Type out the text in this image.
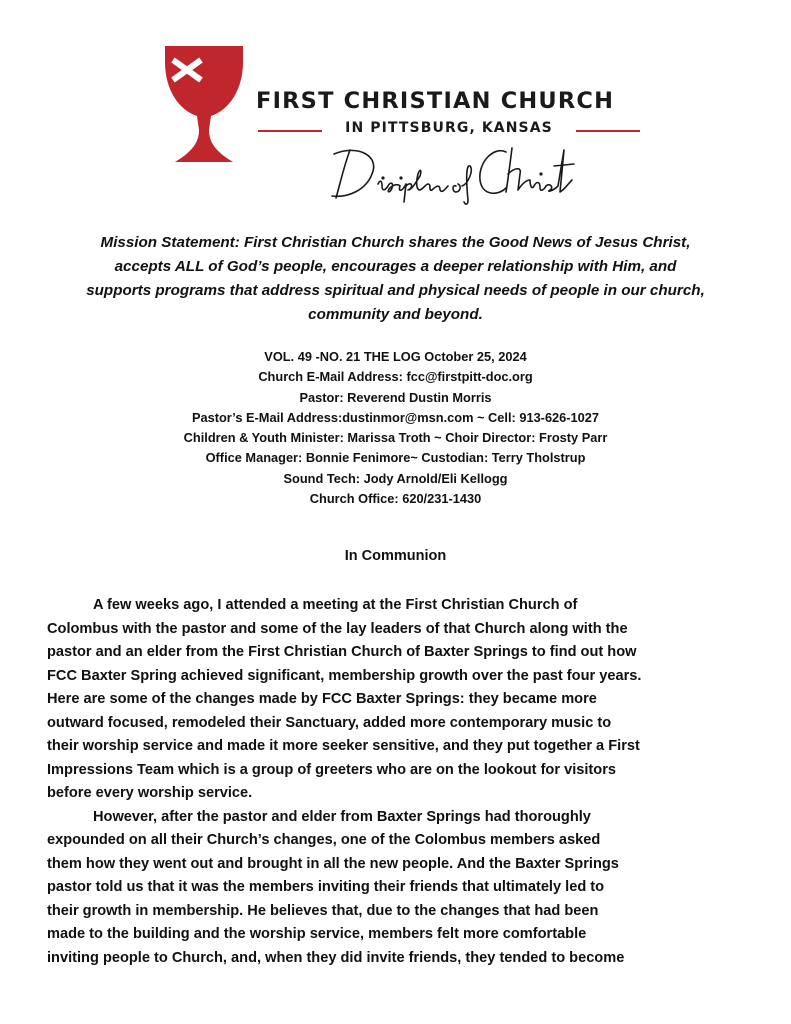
FIRST CHRISTIAN CHURCH
IN PITTSBURG, KANSAS
Mission Statement: First Christian Church shares the Good News of Jesus Christ,
accepts ALL of God’s people, encourages a deeper relationship with Him, and
supports programs that address spiritual and physical needs of people in our church,
community and beyond.
VOL. 49 -NO. 21 THE LOG October 25, 2024
Church E-Mail Address: fcc@firstpitt-doc.org
Pastor: Reverend Dustin Morris
Pastor’s E-Mail Address:dustinmor@msn.com ~ Cell: 913-626-1027
Children & Youth Minister: Marissa Troth ~ Choir Director: Frosty Parr
Office Manager: Bonnie Fenimore~ Custodian: Terry Tholstrup
Sound Tech: Jody Arnold/Eli Kellogg
Church Office: 620/231-1430
In Communion
A few weeks ago, I attended a meeting at the First Christian Church of
Colombus with the pastor and some of the lay leaders of that Church along with the
pastor and an elder from the First Christian Church of Baxter Springs to find out how
FCC Baxter Spring achieved significant, membership growth over the past four years.
Here are some of the changes made by FCC Baxter Springs: they became more
outward focused, remodeled their Sanctuary, added more contemporary music to
their worship service and made it more seeker sensitive, and they put together a First
Impressions Team which is a group of greeters who are on the lookout for visitors
before every worship service.
However, after the pastor and elder from Baxter Springs had thoroughly
expounded on all their Church’s changes, one of the Colombus members asked
them how they went out and brought in all the new people. And the Baxter Springs
pastor told us that it was the members inviting their friends that ultimately led to
their growth in membership. He believes that, due to the changes that had been
made to the building and the worship service, members felt more comfortable
inviting people to Church, and, when they did invite friends, they tended to become
